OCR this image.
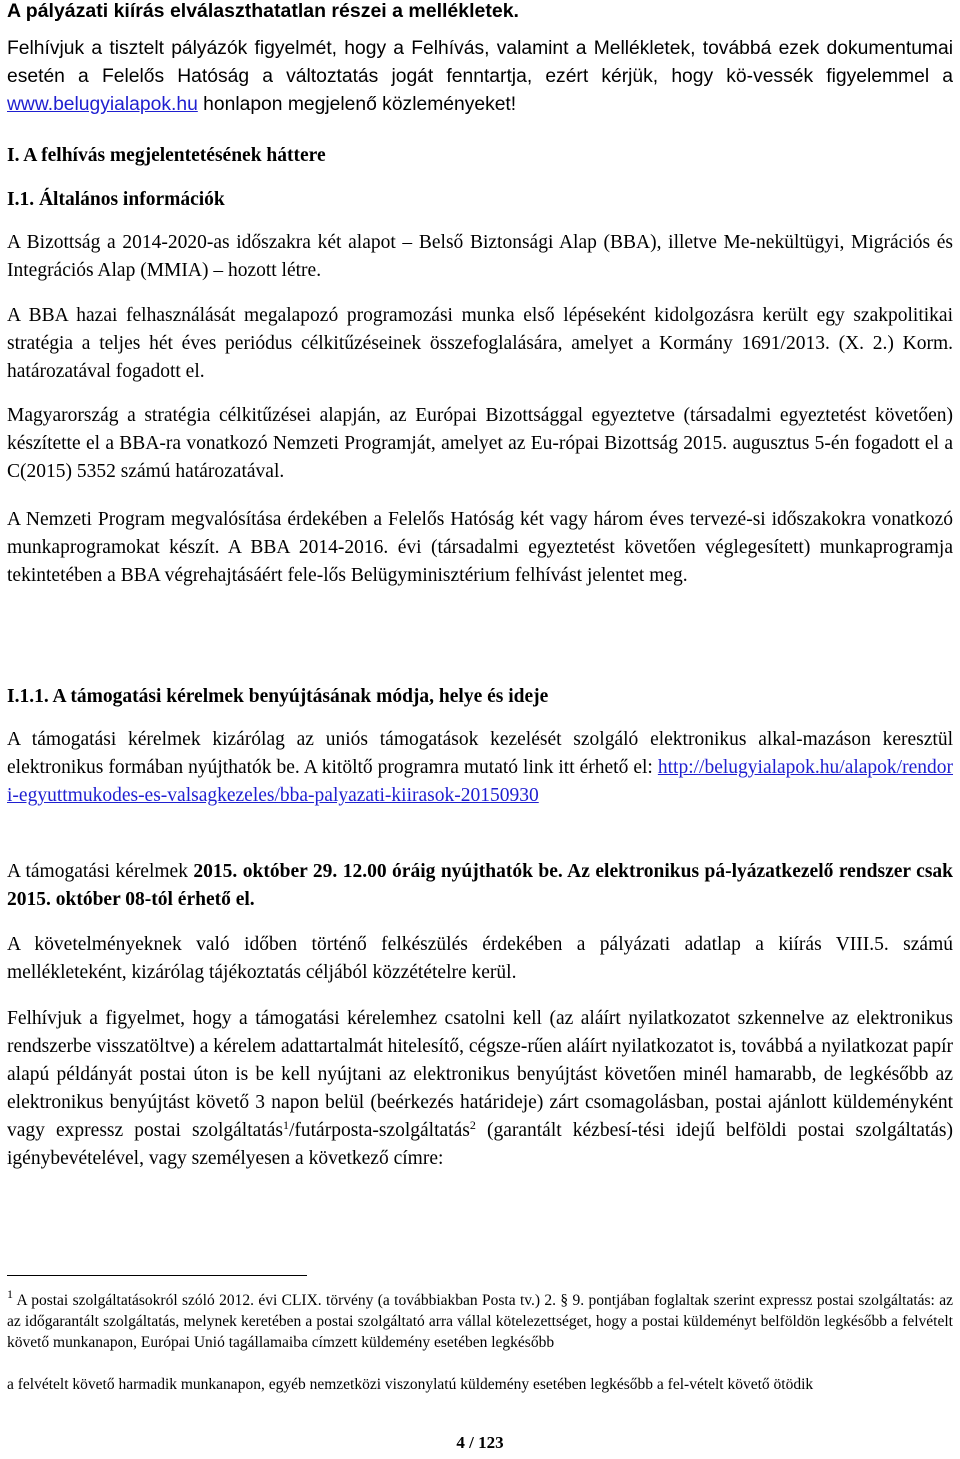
A pályázati kiírás elválaszthatatlan részei a mellékletek.

Felhívjuk a tisztelt pályázók figyelmét, hogy a Felhívás, valamint a Mellékletek, továbbá ezek dokumentumai esetén a Felelős Hatóság a változtatás jogát fenntartja, ezért kérjük, hogy kö-vessék figyelemmel a www.belugyialapok.hu honlapon megjelenő közleményeket!

I. A felhívás megjelentetésének háttere
I.1. Általános információk

A Bizottság a 2014-2020-as időszakra két alapot – Belső Biztonsági Alap (BBA), illetve Me-nekültügyi, Migrációs és Integrációs Alap (MMIA) – hozott létre.

A BBA hazai felhasználását megalapozó programozási munka első lépéseként kidolgozásra került egy szakpolitikai stratégia a teljes hét éves periódus célkitűzéseinek összefoglalására, amelyet a Kormány 1691/2013. (X. 2.) Korm. határozatával fogadott el.

Magyarország a stratégia célkitűzései alapján, az Európai Bizottsággal egyeztetve (társadalmi egyeztetést követően) készítette el a BBA-ra vonatkozó Nemzeti Programját, amelyet az Eu-rópai Bizottság 2015. augusztus 5-én fogadott el a C(2015) 5352 számú határozatával.

A Nemzeti Program megvalósítása érdekében a Felelős Hatóság két vagy három éves tervezé-si időszakokra vonatkozó munkaprogramokat készít. A BBA 2014-2016. évi (társadalmi egyeztetést követően véglegesített) munkaprogramja tekintetében a BBA végrehajtásáért fele-lős Belügyminisztérium felhívást jelentet meg.

I.1.1. A támogatási kérelmek benyújtásának módja, helye és ideje

A támogatási kérelmek kizárólag az uniós támogatások kezelését szolgáló elektronikus alkal-mazáson keresztül elektronikus formában nyújthatók be. A kitöltő programra mutató link itt érhető el: http://belugyialapok.hu/alapok/rendori-egyuttmukodes-es-valsagkezeles/bba-palyazati-kiirasok-20150930

A támogatási kérelmek 2015. október 29. 12.00 óráig nyújthatók be. Az elektronikus pá-lyázatkezelő rendszer csak 2015. október 08-tól érhető el.

A követelményeknek való időben történő felkészülés érdekében a pályázati adatlap a kiírás VIII.5. számú mellékleteként, kizárólag tájékoztatás céljából közzétételre kerül.

Felhívjuk a figyelmet, hogy a támogatási kérelemhez csatolni kell (az aláírt nyilatkozatot szkennelve az elektronikus rendszerbe visszatöltve) a kérelem adattartalmát hitelesítő, cégsze-rűen aláírt nyilatkozatot is, továbbá a nyilatkozat papír alapú példányát postai úton is be kell nyújtani az elektronikus benyújtást követően minél hamarabb, de legkésőbb az elektronikus benyújtást követő 3 napon belül (beérkezés határideje) zárt csomagolásban, postai ajánlott küldeményként vagy expressz postai szolgáltatás$^1$/futárposta-szolgáltatás$^2$ (garantált kézbesí-tési idejű belföldi postai szolgáltatás) igénybevételével, vagy személyesen a következő címre:

$^1$ A postai szolgáltatásokról szóló 2012. évi CLIX. törvény (a továbbiakban Posta tv.) 2. § 9. pontjában foglaltak szerint expressz postai szolgáltatás: az az időgarantált szolgáltatás, melynek keretében a postai szolgáltató arra vállal kötelezettséget, hogy a postai küldeményt belföldön legkésőbb a felvételt követő munkanapon, Európai Unió tagállamaiba címzett küldemény esetében legkésőbb

a felvételt követő harmadik munkanapon, egyéb nemzetközi viszonylatú küldemény esetében legkésőbb a fel-vételt követő ötödik

4 / 123
